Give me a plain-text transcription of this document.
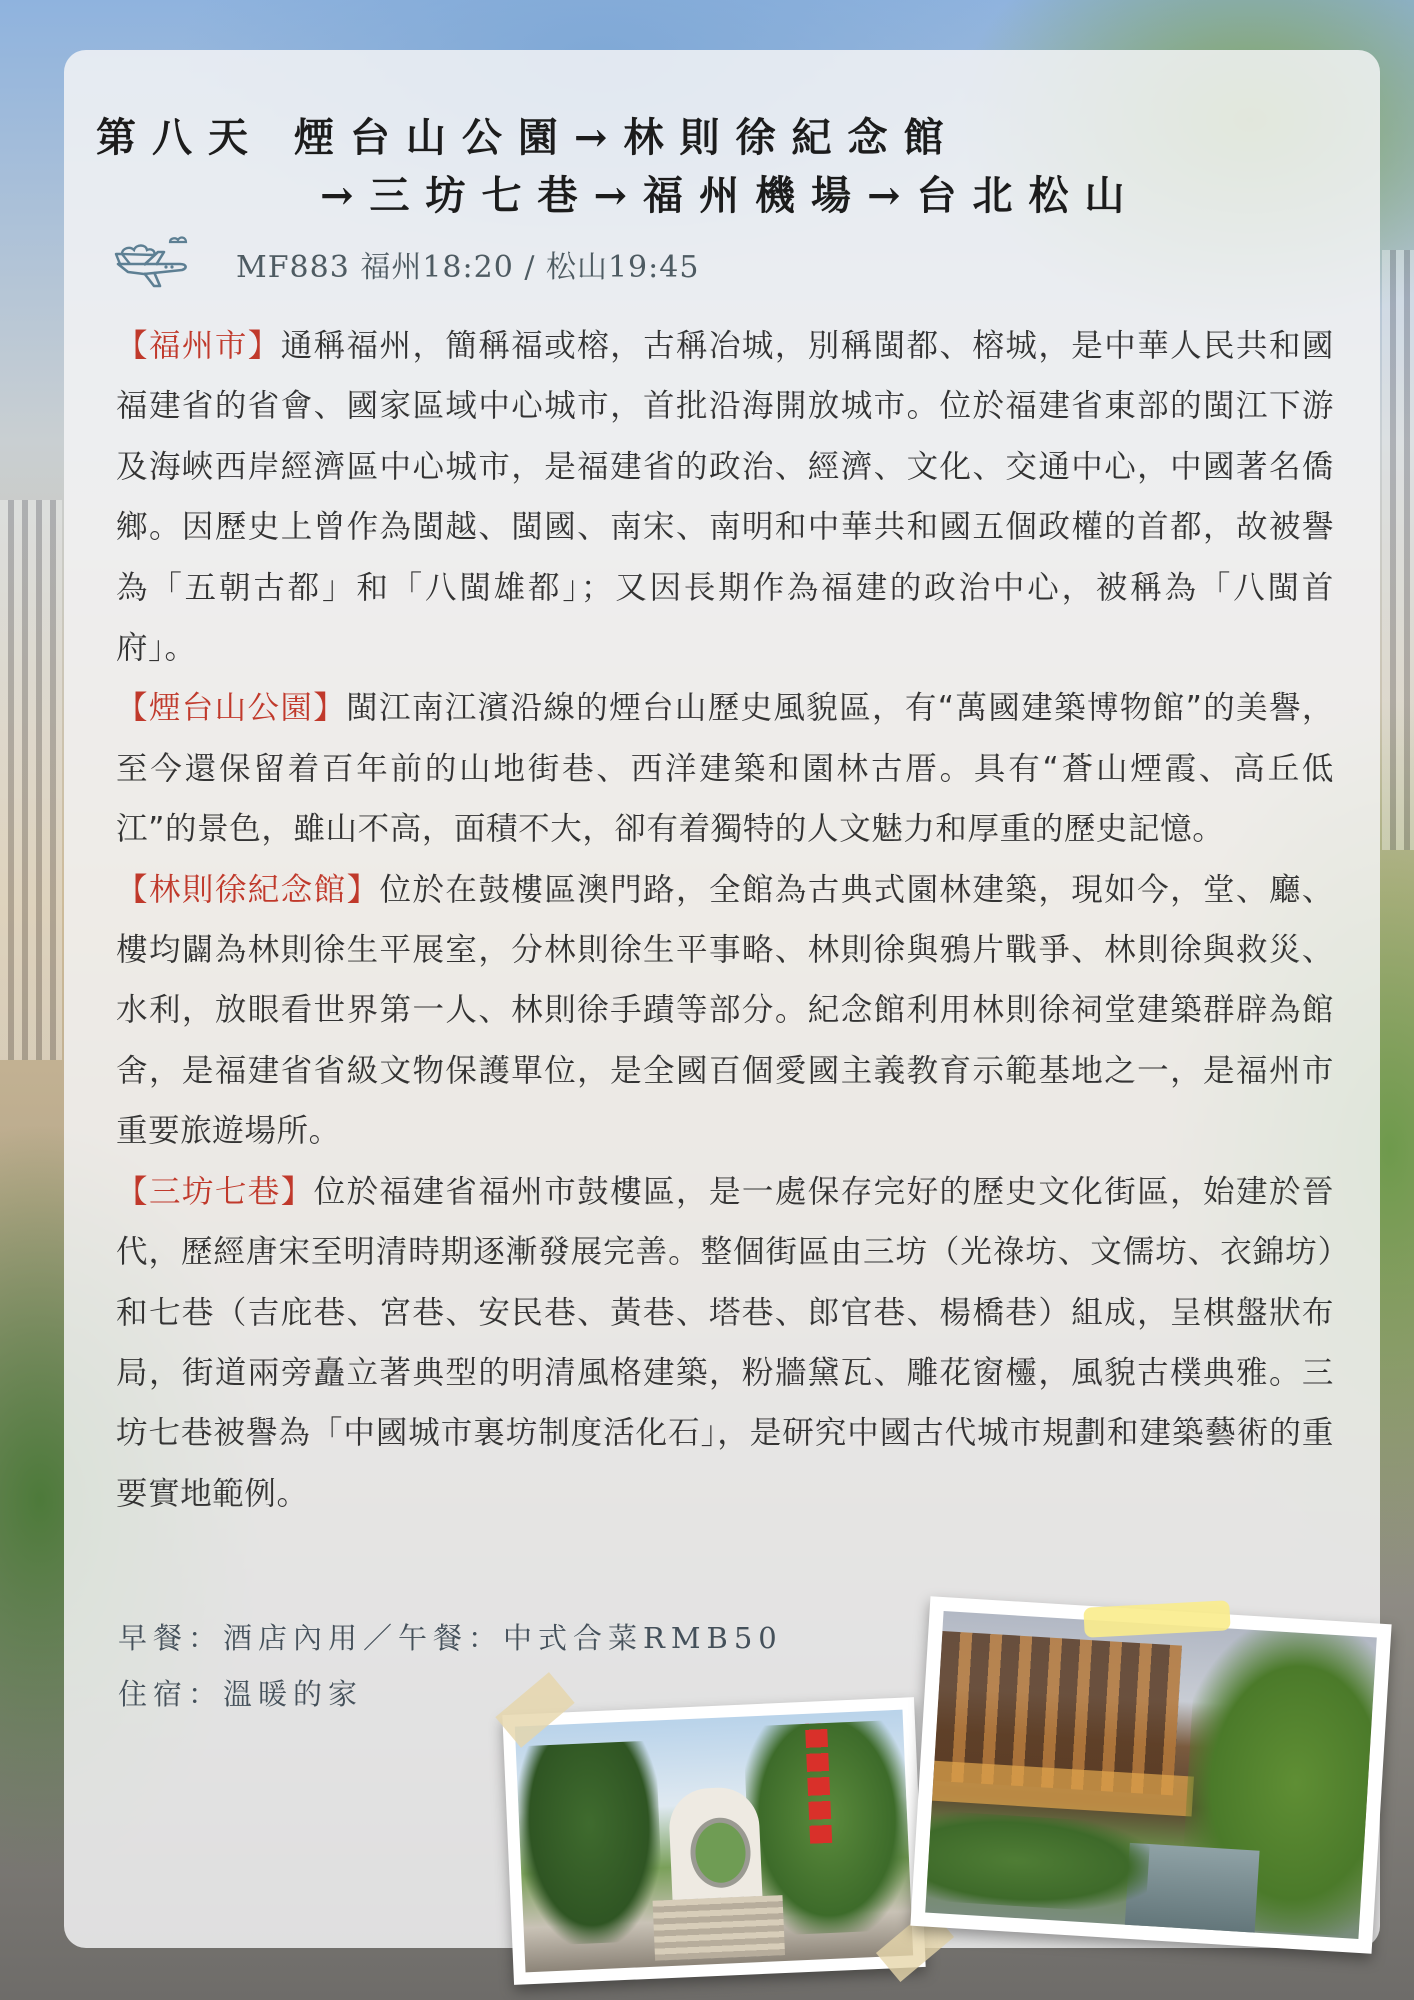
第八天 煙台山公園→林則徐紀念館
→三坊七巷→福州機場→台北松山
MF883 福州18:20 / 松山19:45

【福州市】通稱福州，簡稱福或榕，古稱冶城，別稱閩都、榕城，是中華人民共和國福建省的省會、國家區域中心城市，首批沿海開放城市。位於福建省東部的閩江下游及海峽西岸經濟區中心城市，是福建省的政治、經濟、文化、交通中心，中國著名僑鄉。因歷史上曾作為閩越、閩國、南宋、南明和中華共和國五個政權的首都，故被譽為「五朝古都」和「八閩雄都」；又因長期作為福建的政治中心，被稱為「八閩首府」。

【煙台山公園】閩江南江濱沿線的煙台山歷史風貌區，有“萬國建築博物館”的美譽，至今還保留着百年前的山地街巷、西洋建築和園林古厝。具有“蒼山煙霞、高丘低江”的景色，雖山不高，面積不大，卻有着獨特的人文魅力和厚重的歷史記憶。

【林則徐紀念館】位於在鼓樓區澳門路，全館為古典式園林建築，現如今，堂、廳、樓均闢為林則徐生平展室，分林則徐生平事略、林則徐與鴉片戰爭、林則徐與救災、水利，放眼看世界第一人、林則徐手蹟等部分。紀念館利用林則徐祠堂建築群辟為館舍，是福建省省級文物保護單位，是全國百個愛國主義教育示範基地之一，是福州市重要旅遊場所。

【三坊七巷】位於福建省福州市鼓樓區，是一處保存完好的歷史文化街區，始建於晉代，歷經唐宋至明清時期逐漸發展完善。整個街區由三坊（光祿坊、文儒坊、衣錦坊）和七巷（吉庇巷、宮巷、安民巷、黃巷、塔巷、郎官巷、楊橋巷）組成，呈棋盤狀布局，街道兩旁矗立著典型的明清風格建築，粉牆黛瓦、雕花窗欞，風貌古樸典雅。三坊七巷被譽為「中國城市裏坊制度活化石」，是研究中國古代城市規劃和建築藝術的重要實地範例。

早餐：酒店內用／午餐：中式合菜RMB50
住宿：溫暖的家
